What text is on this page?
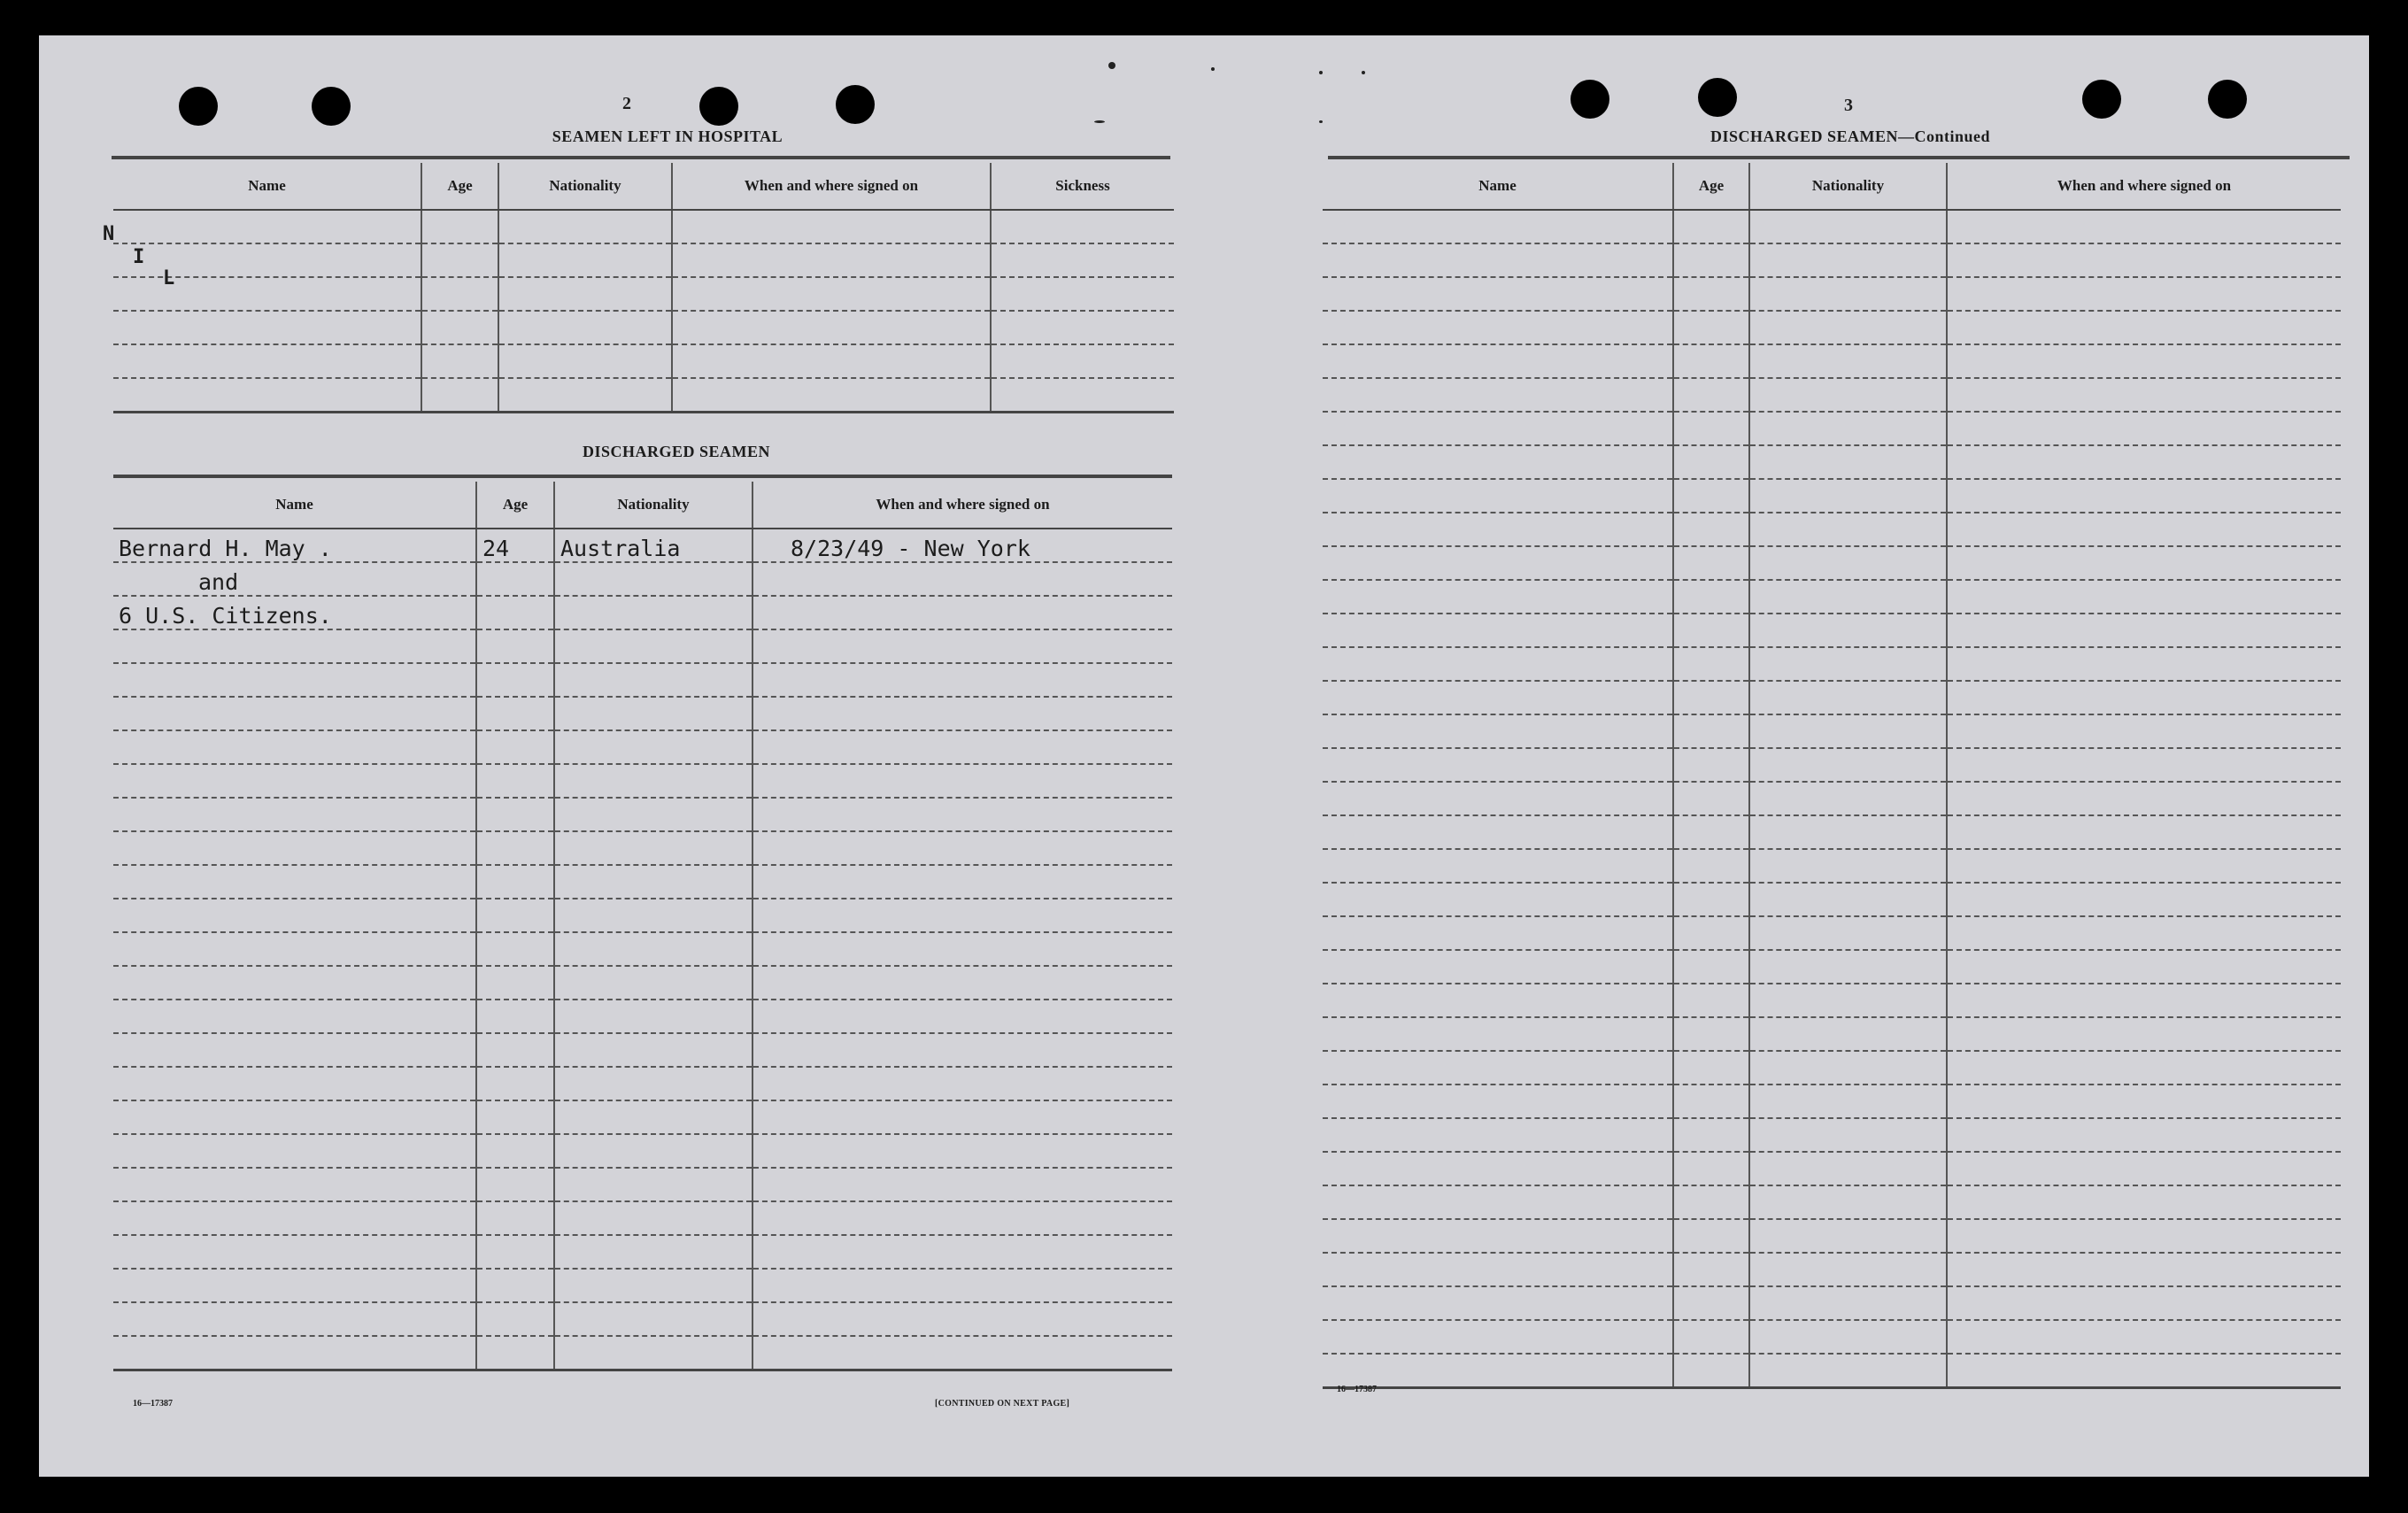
2
SEAMEN LEFT IN HOSPITAL
Name	Age	Nationality	When and where signed on	Sickness

N
I
L
DISCHARGED SEAMEN
Name	Age	Nationality	When and where signed on
Bernard H. May .	24	Australia	8/23/49 - New York
and			
6 U.S. Citizens.			

16—17387	[CONTINUED ON NEXT PAGE]
3
DISCHARGED SEAMEN—Continued
Name	Age	Nationality	When and where signed on

16—17387
